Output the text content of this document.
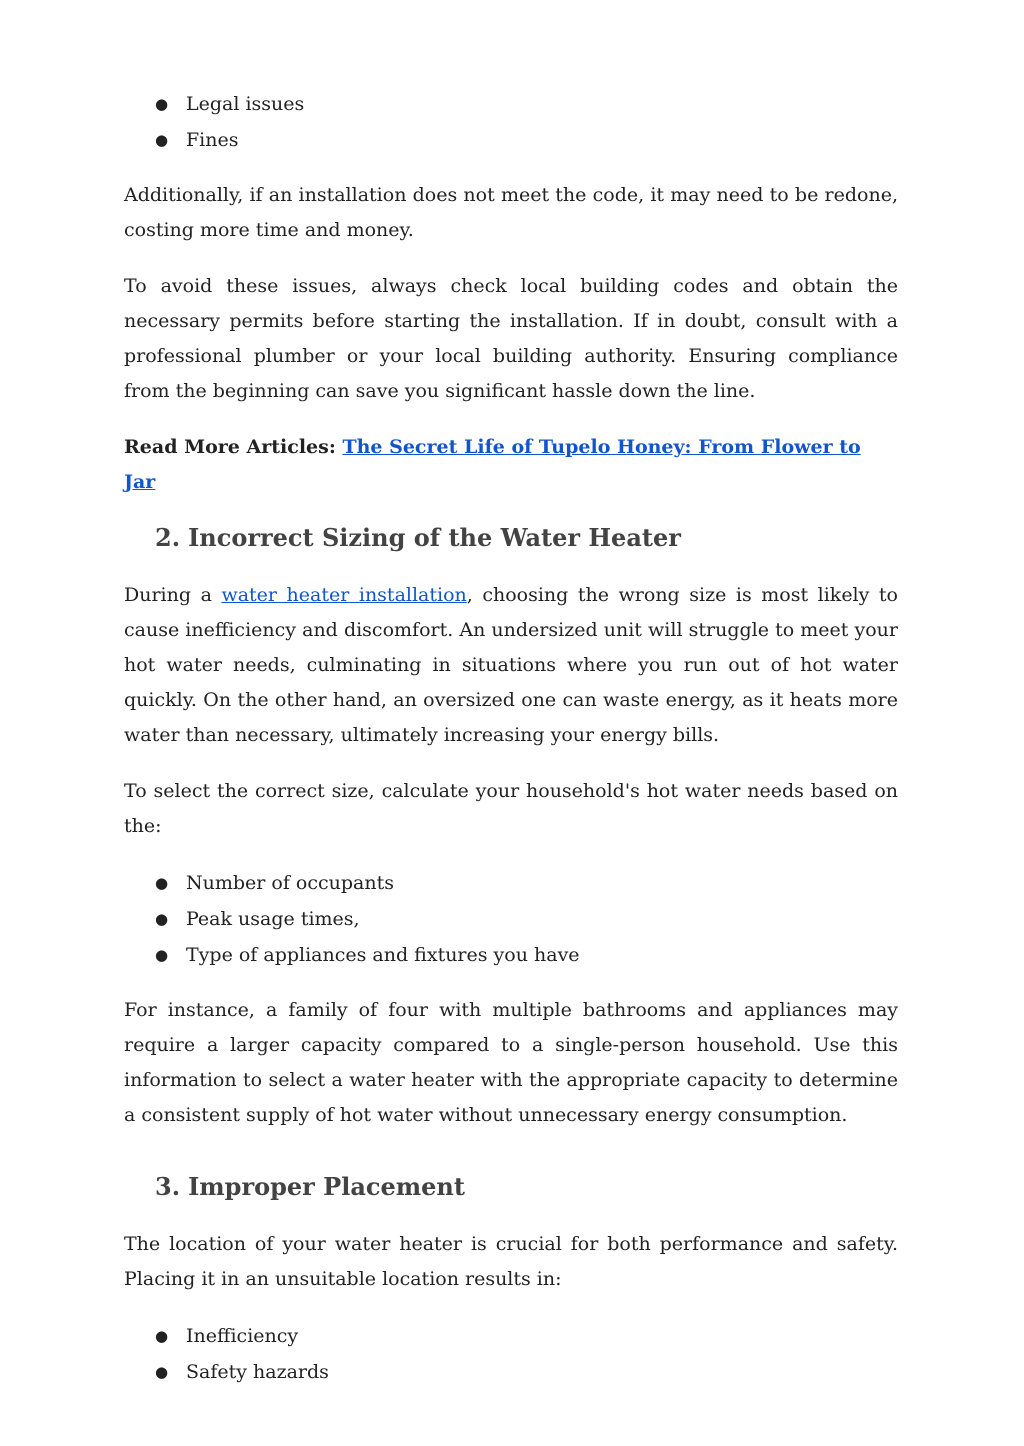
● Legal issues
● Fines

Additionally, if an installation does not meet the code, it may need to be redone, costing more time and money.

To avoid these issues, always check local building codes and obtain the necessary permits before starting the installation. If in doubt, consult with a professional plumber or your local building authority. Ensuring compliance from the beginning can save you significant hassle down the line.

Read More Articles: The Secret Life of Tupelo Honey: From Flower to Jar

2. Incorrect Sizing of the Water Heater

During a water heater installation, choosing the wrong size is most likely to cause inefficiency and discomfort. An undersized unit will struggle to meet your hot water needs, culminating in situations where you run out of hot water quickly. On the other hand, an oversized one can waste energy, as it heats more water than necessary, ultimately increasing your energy bills.

To select the correct size, calculate your household's hot water needs based on the:

● Number of occupants
● Peak usage times,
● Type of appliances and fixtures you have

For instance, a family of four with multiple bathrooms and appliances may require a larger capacity compared to a single-person household. Use this information to select a water heater with the appropriate capacity to determine a consistent supply of hot water without unnecessary energy consumption.

3. Improper Placement

The location of your water heater is crucial for both performance and safety. Placing it in an unsuitable location results in:

● Inefficiency
● Safety hazards
